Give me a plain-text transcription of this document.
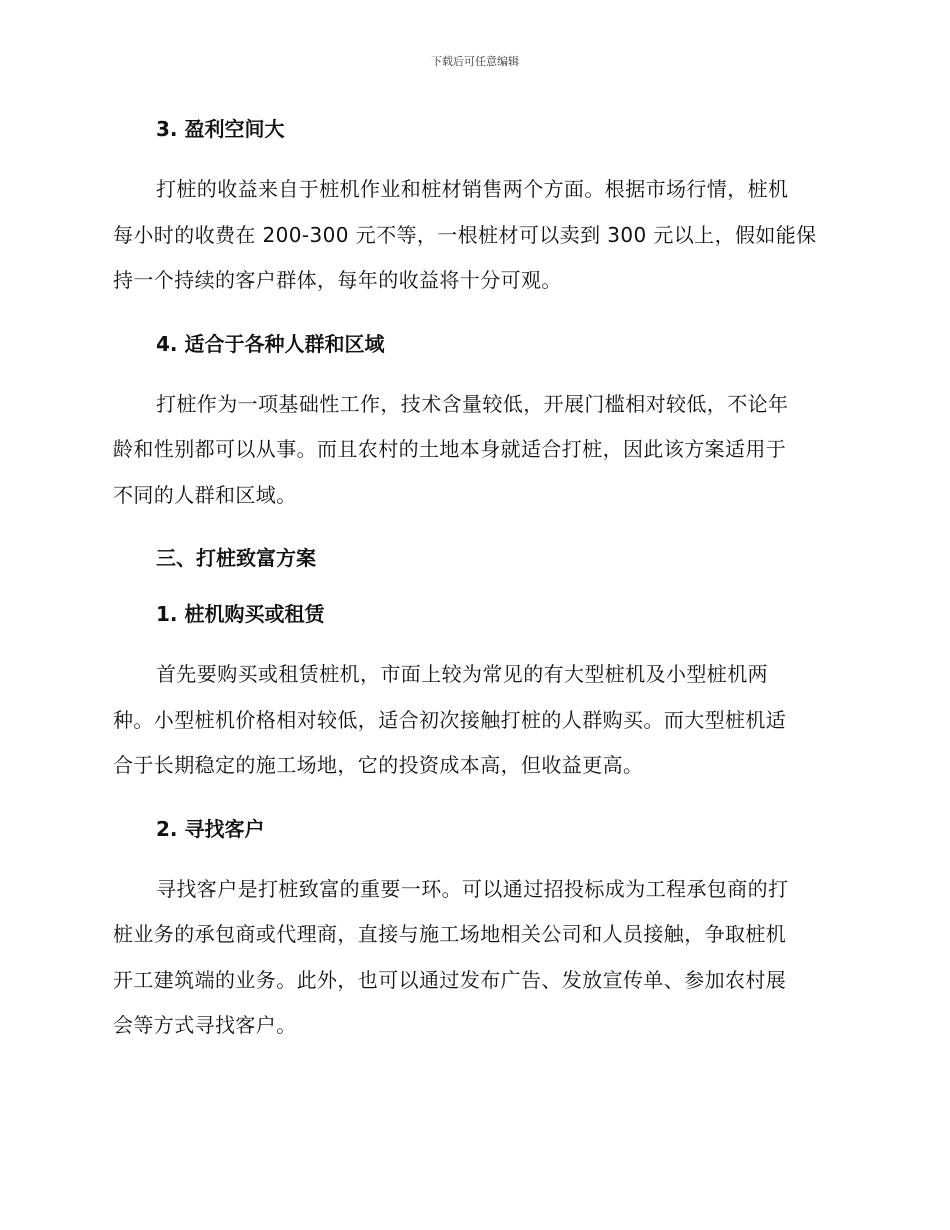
下载后可任意编辑
3. 盈利空间大

打桩的收益来自于桩机作业和桩材销售两个方面。根据市场行情，桩机
每小时的收费在 200-300 元不等，一根桩材可以卖到 300 元以上，假如能保
持一个持续的客户群体，每年的收益将十分可观。

4. 适合于各种人群和区域

打桩作为一项基础性工作，技术含量较低，开展门槛相对较低，不论年
龄和性别都可以从事。而且农村的土地本身就适合打桩，因此该方案适用于
不同的人群和区域。

三、打桩致富方案
1. 桩机购买或租赁

首先要购买或租赁桩机，市面上较为常见的有大型桩机及小型桩机两
种。小型桩机价格相对较低，适合初次接触打桩的人群购买。而大型桩机适
合于长期稳定的施工场地，它的投资成本高，但收益更高。

2. 寻找客户

寻找客户是打桩致富的重要一环。可以通过招投标成为工程承包商的打
桩业务的承包商或代理商，直接与施工场地相关公司和人员接触，争取桩机
开工建筑端的业务。此外，也可以通过发布广告、发放宣传单、参加农村展
会等方式寻找客户。
